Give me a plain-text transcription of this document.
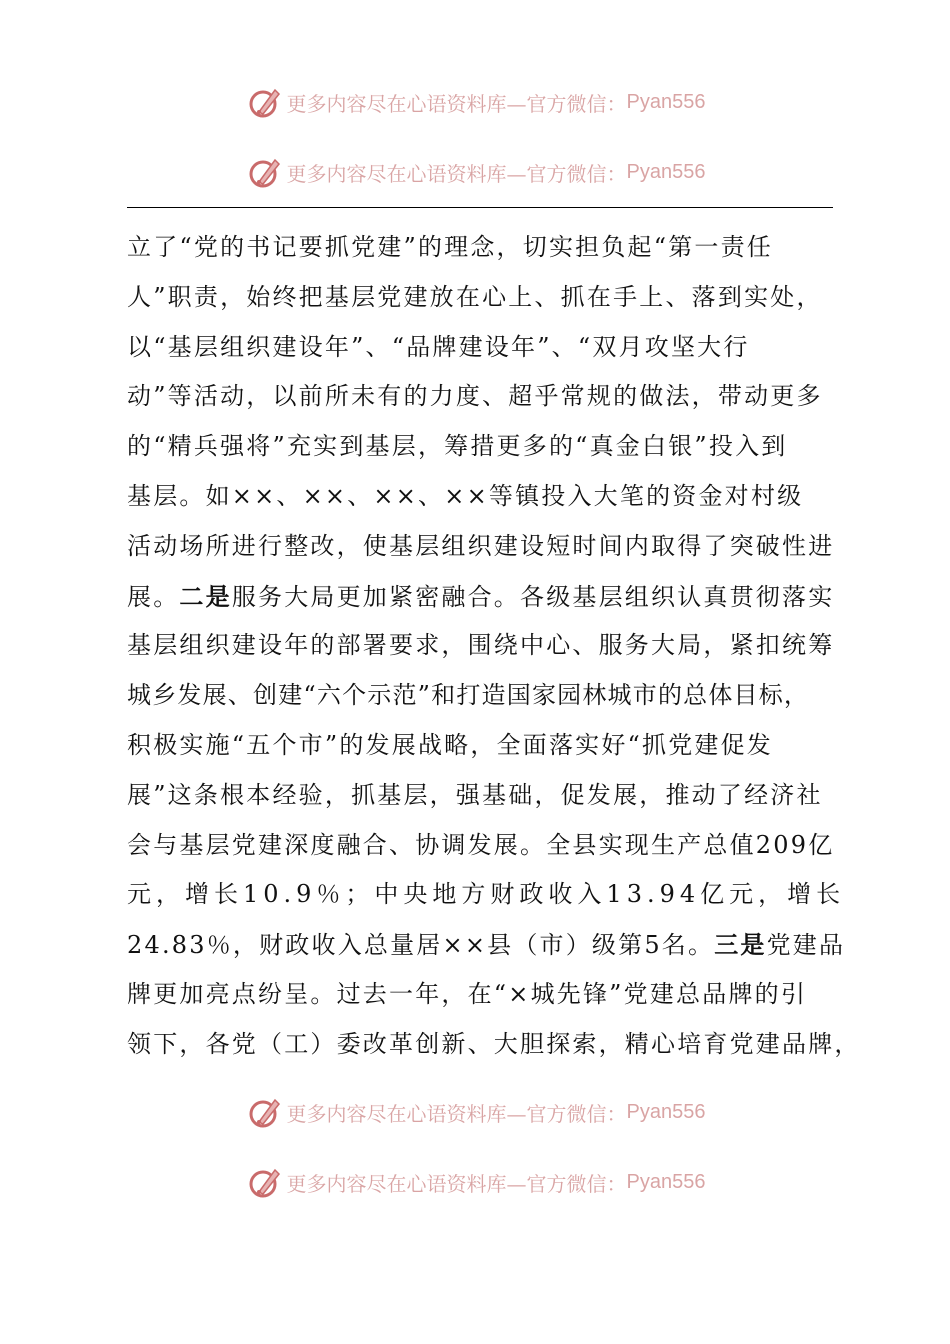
更多内容尽在心语资料库—官方微信： Pyan556
更多内容尽在心语资料库—官方微信： Pyan556
立了“党的书记要抓党建”的理念，切实担负起“第一责任
人”职责，始终把基层党建放在心上、抓在手上、落到实处，
以“基层组织建设年”、“品牌建设年”、“双月攻坚大行
动”等活动，以前所未有的力度、超乎常规的做法，带动更多
的“精兵强将”充实到基层，筹措更多的“真金白银”投入到
基层。如××、××、××、××等镇投入大笔的资金对村级
活动场所进行整改，使基层组织建设短时间内取得了突破性进
展。二是服务大局更加紧密融合。各级基层组织认真贯彻落实
基层组织建设年的部署要求，围绕中心、服务大局，紧扣统筹
城乡发展、创建“六个示范”和打造国家园林城市的总体目标，
积极实施“五个市”的发展战略，全面落实好“抓党建促发
展”这条根本经验，抓基层，强基础，促发展，推动了经济社
会与基层党建深度融合、协调发展。全县实现生产总值209亿
元，增长10.9％；中央地方财政收入13.94亿元，增长
24.83％，财政收入总量居××县（市）级第5名。三是党建品
牌更加亮点纷呈。过去一年，在“×城先锋”党建总品牌的引
领下，各党（工）委改革创新、大胆探索，精心培育党建品牌，
更多内容尽在心语资料库—官方微信： Pyan556
更多内容尽在心语资料库—官方微信： Pyan556
